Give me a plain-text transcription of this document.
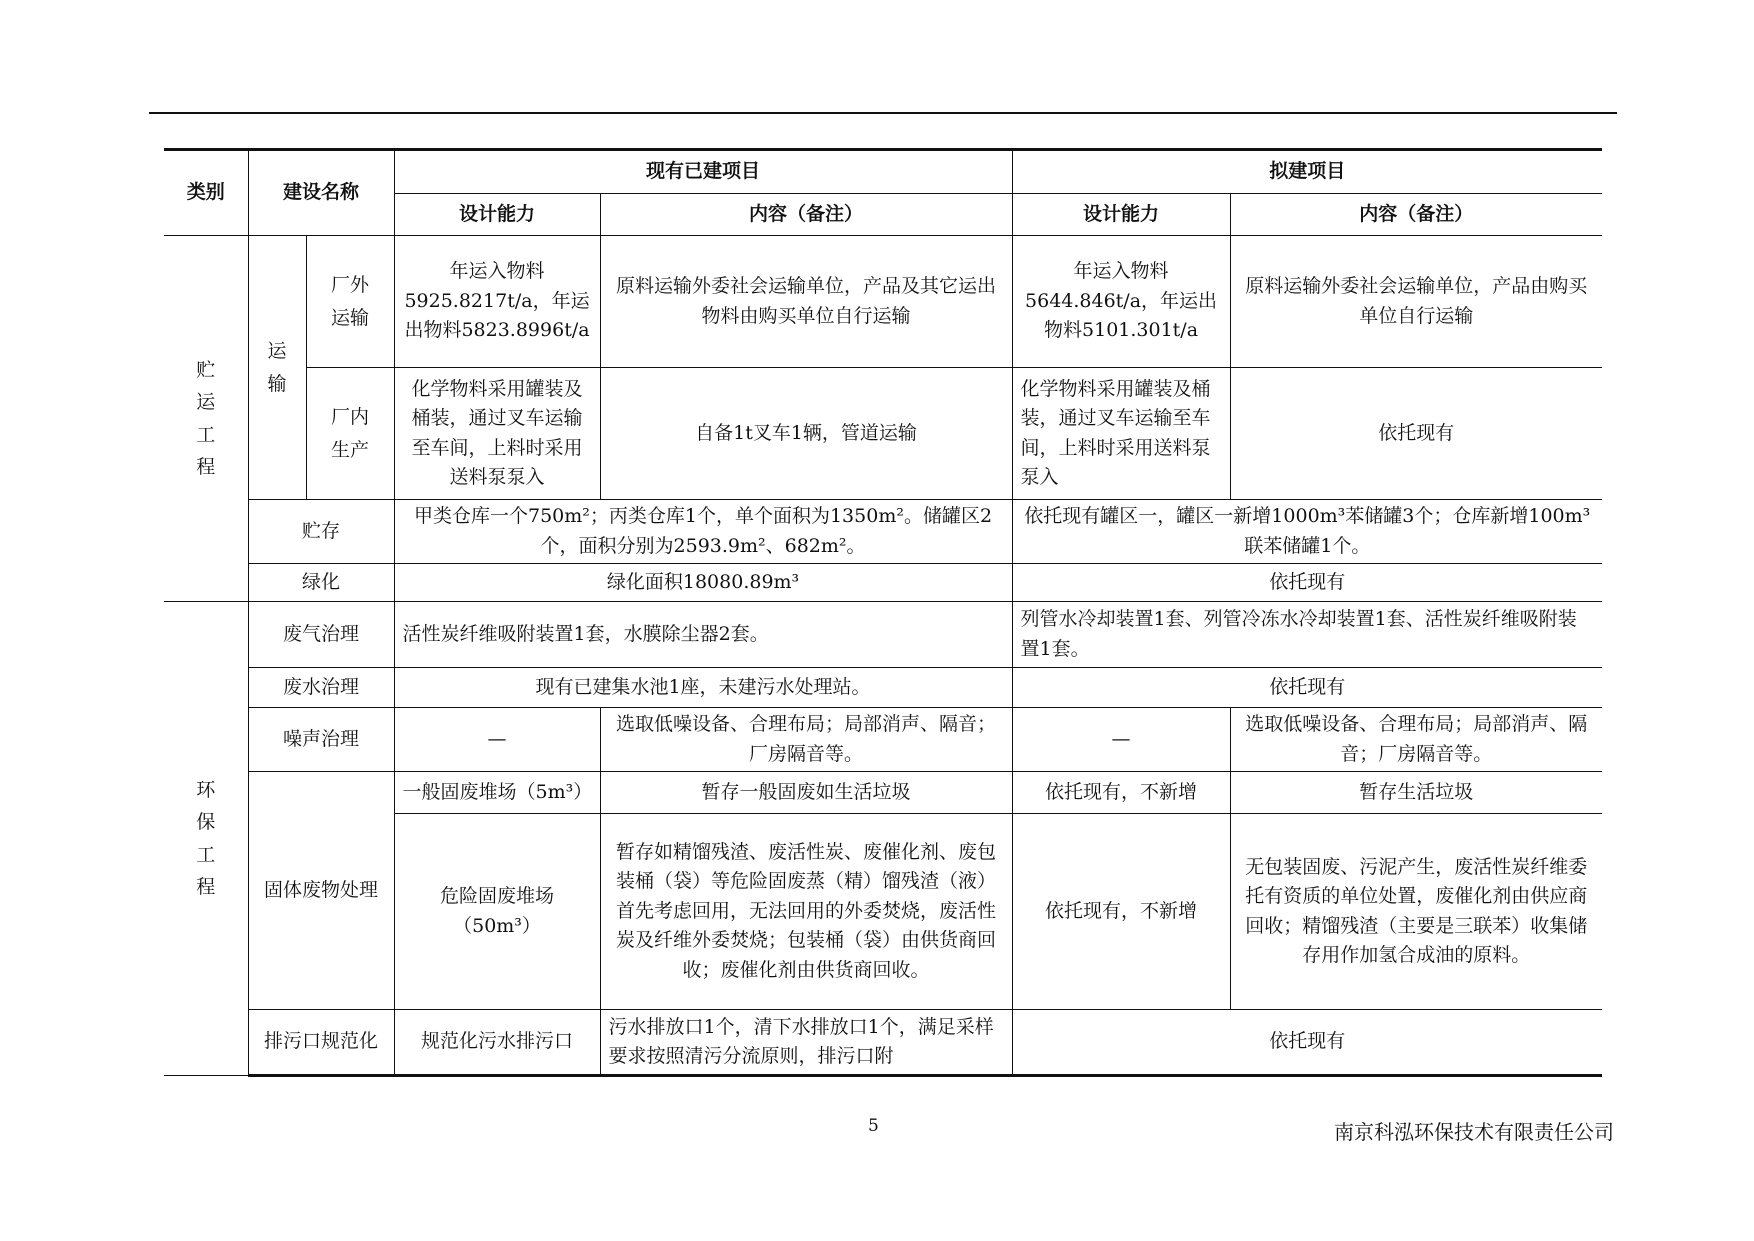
类别	建设名称		现有已建项目		拟建项目	
			设计能力	内容（备注）	设计能力	内容（备注）
贮运工程	运输	厂外运输	年运入物料5925.8217t/a，年运出物料5823.8996t/a	原料运输外委社会运输单位，产品及其它运出物料由购买单位自行运输	年运入物料5644.846t/a，年运出物料5101.301t/a	原料运输外委社会运输单位，产品由购买单位自行运输
		厂内生产	化学物料采用罐装及桶装，通过叉车运输至车间，上料时采用送料泵泵入	自备1t叉车1辆，管道运输	化学物料采用罐装及桶装，通过叉车运输至车间，上料时采用送料泵泵入	依托现有
	贮存		甲类仓库一个750m²；丙类仓库1个，单个面积为1350m²。储罐区2个，面积分别为2593.9m²、682m²。		依托现有罐区一，罐区一新增1000m³苯储罐3个；仓库新增100m³联苯储罐1个。	
	绿化		绿化面积18080.89m³		依托现有	
环保工程	废气治理		活性炭纤维吸附装置1套，水膜除尘器2套。		列管水冷却装置1套、列管冷冻水冷却装置1套、活性炭纤维吸附装置1套。	
	废水治理		现有已建集水池1座，未建污水处理站。		依托现有	
	噪声治理		—	选取低噪设备、合理布局；局部消声、隔音；厂房隔音等。	—	选取低噪设备、合理布局；局部消声、隔音；厂房隔音等。
	固体废物处理		一般固废堆场（5m³）	暂存一般固废如生活垃圾	依托现有，不新增	暂存生活垃圾
			危险固废堆场（50m³）	暂存如精馏残渣、废活性炭、废催化剂、废包装桶（袋）等危险固废蒸（精）馏残渣（液）首先考虑回用，无法回用的外委焚烧，废活性炭及纤维外委焚烧；包装桶（袋）由供货商回收；废催化剂由供货商回收。	依托现有，不新增	无包装固废、污泥产生，废活性炭纤维委托有资质的单位处置，废催化剂由供应商回收；精馏残渣（主要是三联苯）收集储存用作加氢合成油的原料。
	排污口规范化		规范化污水排污口	污水排放口1个，清下水排放口1个，满足采样要求按照清污分流原则，排污口附	依托现有	
5	南京科泓环保技术有限责任公司
